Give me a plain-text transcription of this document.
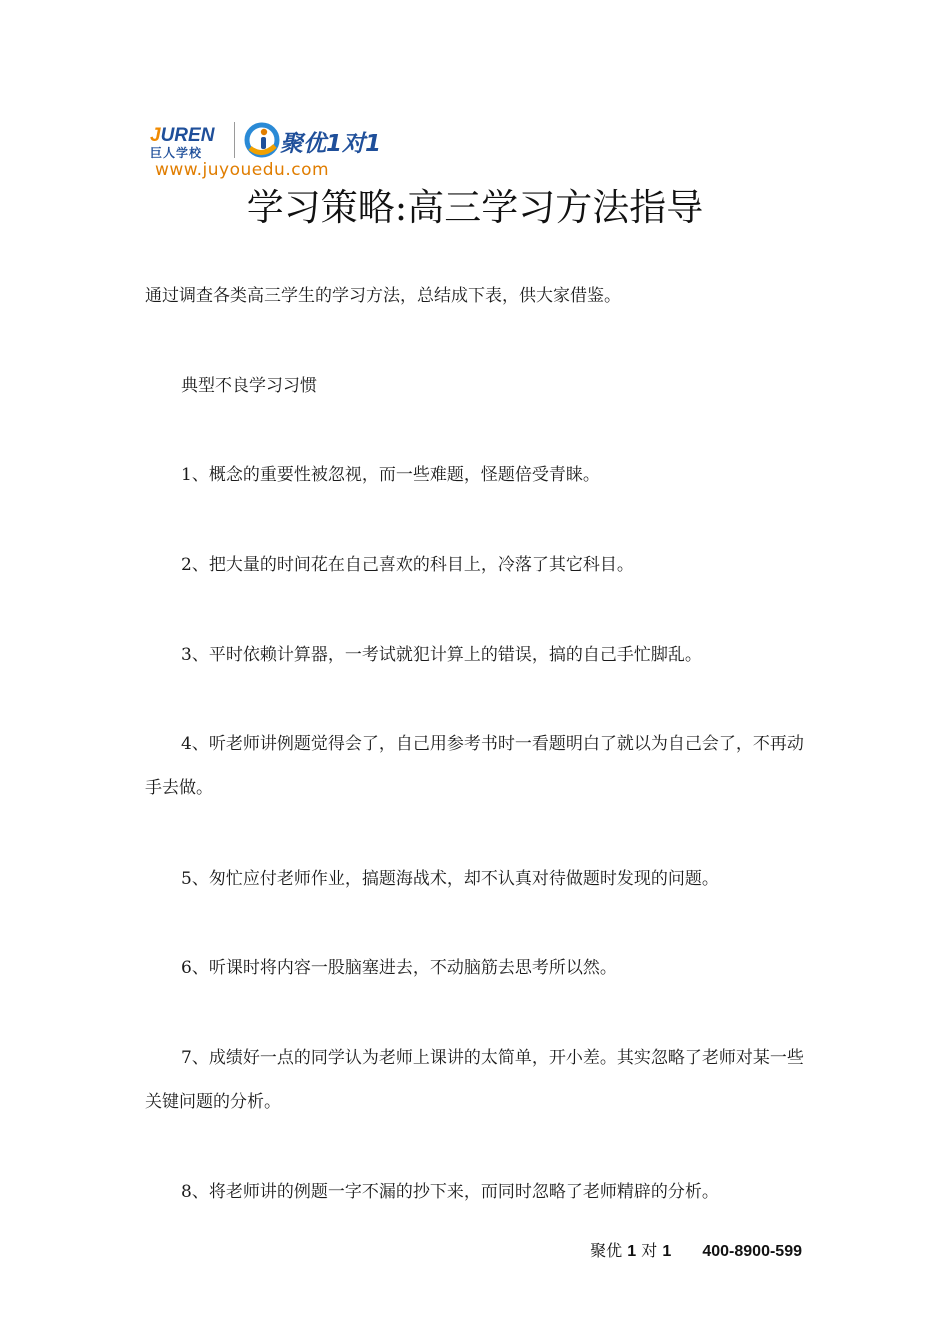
JUREN
巨人学校	聚优1对1
www.juyouedu.com
学习策略:高三学习方法指导

通过调查各类高三学生的学习方法，总结成下表，供大家借鉴。

典型不良学习习惯

1、概念的重要性被忽视，而一些难题，怪题倍受青睐。

2、把大量的时间花在自己喜欢的科目上，冷落了其它科目。

3、平时依赖计算器，一考试就犯计算上的错误，搞的自己手忙脚乱。

4、听老师讲例题觉得会了，自己用参考书时一看题明白了就以为自己会了，不再动手去做。

5、匆忙应付老师作业，搞题海战术，却不认真对待做题时发现的问题。

6、听课时将内容一股脑塞进去，不动脑筋去思考所以然。

7、成绩好一点的同学认为老师上课讲的太简单，开小差。其实忽略了老师对某一些关键问题的分析。

8、将老师讲的例题一字不漏的抄下来，而同时忽略了老师精辟的分析。

聚优 1 对 1 400-8900-599
